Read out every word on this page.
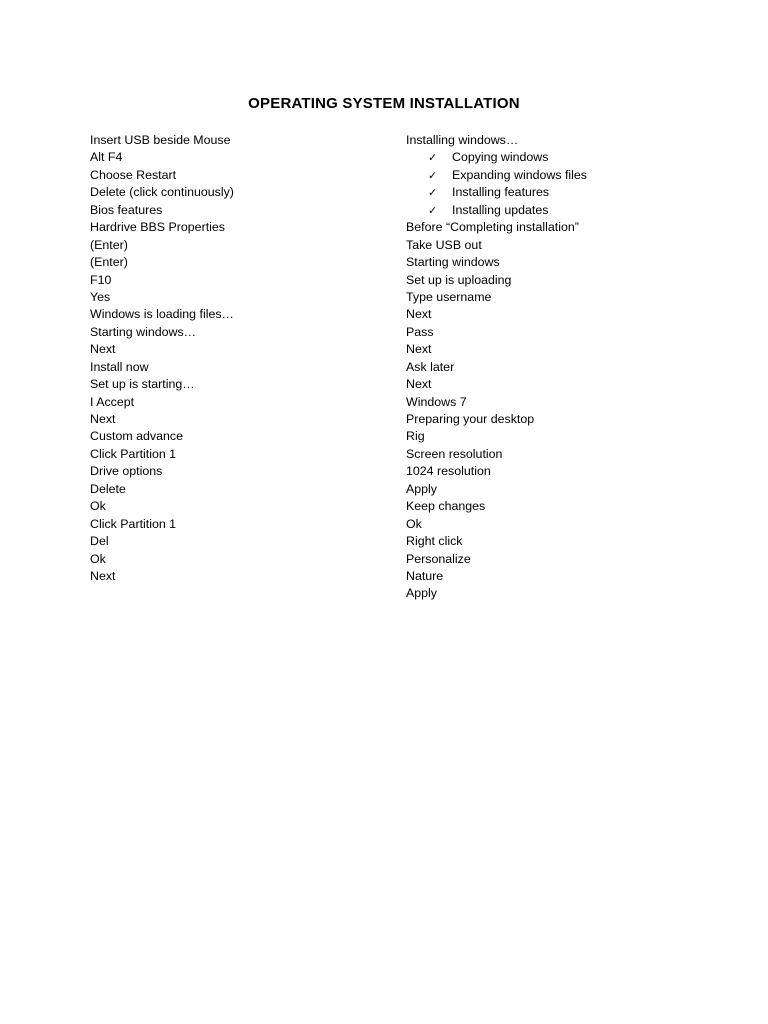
OPERATING SYSTEM INSTALLATION
Insert USB beside Mouse
Alt F4
Choose Restart
Delete (click continuously)
Bios features
Hardrive BBS Properties
(Enter)
(Enter)
F10
Yes
Windows is loading files…
Starting windows…
Next
Install now
Set up is starting…
I Accept
Next
Custom advance
Click Partition 1
Drive options
Delete
Ok
Click Partition 1
Del
Ok
Next
Installing windows…
✓ Copying windows
✓ Expanding windows files
✓ Installing features
✓ Installing updates
Before “Completing installation”
Take USB out
Starting windows
Set up is uploading
Type username
Next
Pass
Next
Ask later
Next
Windows 7
Preparing your desktop
Rig
Screen resolution
1024 resolution
Apply
Keep changes
Ok
Right click
Personalize
Nature
Apply
